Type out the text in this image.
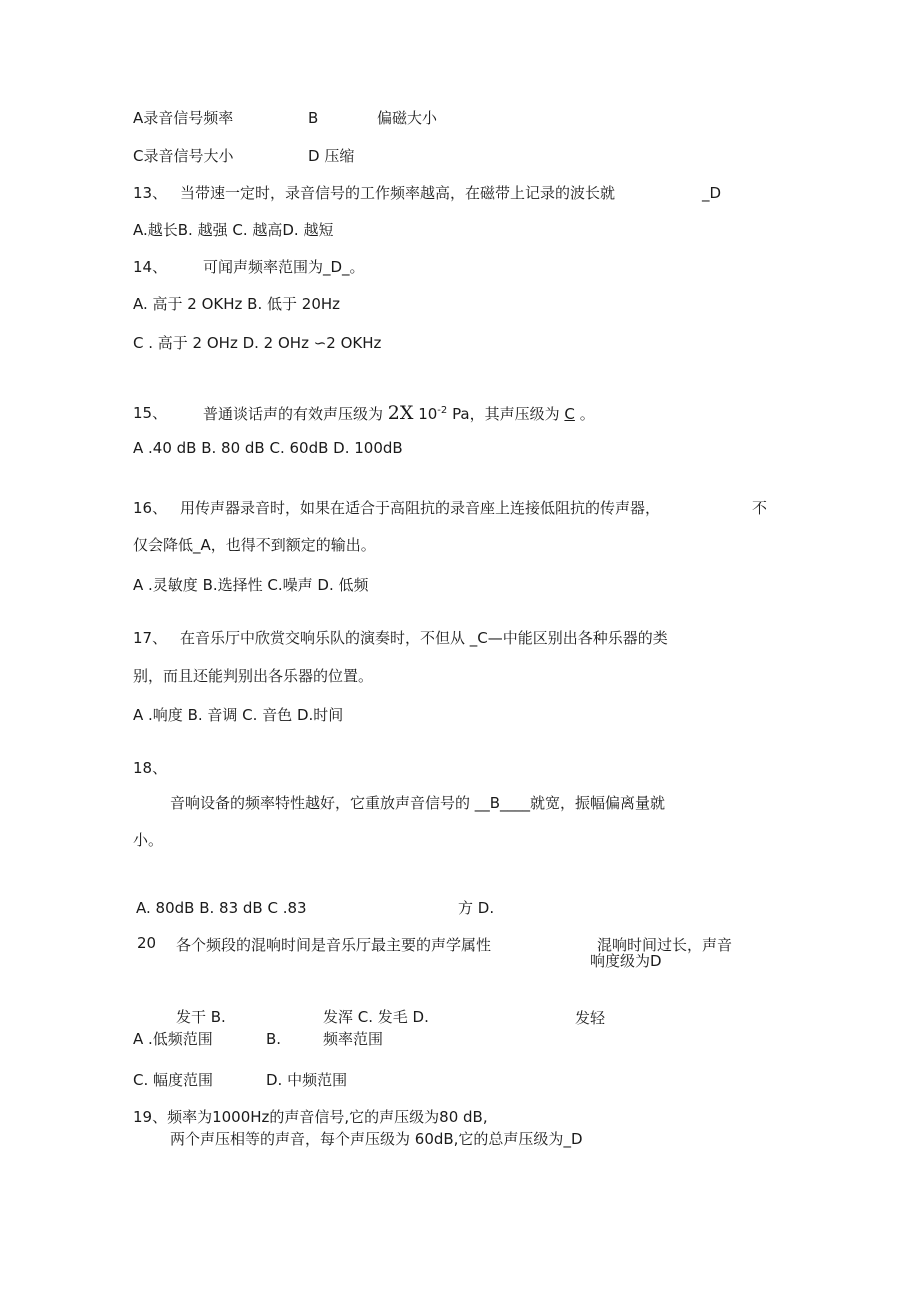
A录音信号频率	B	偏磁大小
C录音信号大小	D 压缩
13、 当带速一定时，录音信号的工作频率越高，在磁带上记录的波长就	_D
A.越长B. 越强 C. 越高D. 越短
14、 可闻声频率范围为_D_。
A. 高于 2 OKHz B. 低于 20Hz
C . 高于 2 OHz D. 2 OHz ∽2 OKHz
15、 普通谈话声的有效声压级为 2X $10^{-2}$ Pa，其声压级为 C 。
A .40 dB B. 80 dB C. 60dB D. 100dB
16、 用传声器录音时，如果在适合于高阻抗的录音座上连接低阻抗的传声器，	不
仅会降低_A，也得不到额定的输出。
A .灵敏度 B.选择性 C.噪声 D. 低频
17、 在音乐厅中欣赏交响乐队的演奏时，不但从 _C—中能区别出各种乐器的类
别，而且还能判别出各乐器的位置。
A .响度 B. 音调 C. 音色 D.时间
18、
音响设备的频率特性越好，它重放声音信号的 __B____就宽，振幅偏离量就
小。
A. 80dB B. 83 dB C .83	方 D.
20 各个频段的混响时间是音乐厅最主要的声学属性	混响时间过长，声音
响度级为D
发干 B.	发浑 C. 发毛 D.	发轻
A .低频范围	B.	频率范围
C. 幅度范围	D. 中频范围
19、频率为1000Hz的声音信号,它的声压级为80 dB,
两个声压相等的声音，每个声压级为 60dB,它的总声压级为_D
